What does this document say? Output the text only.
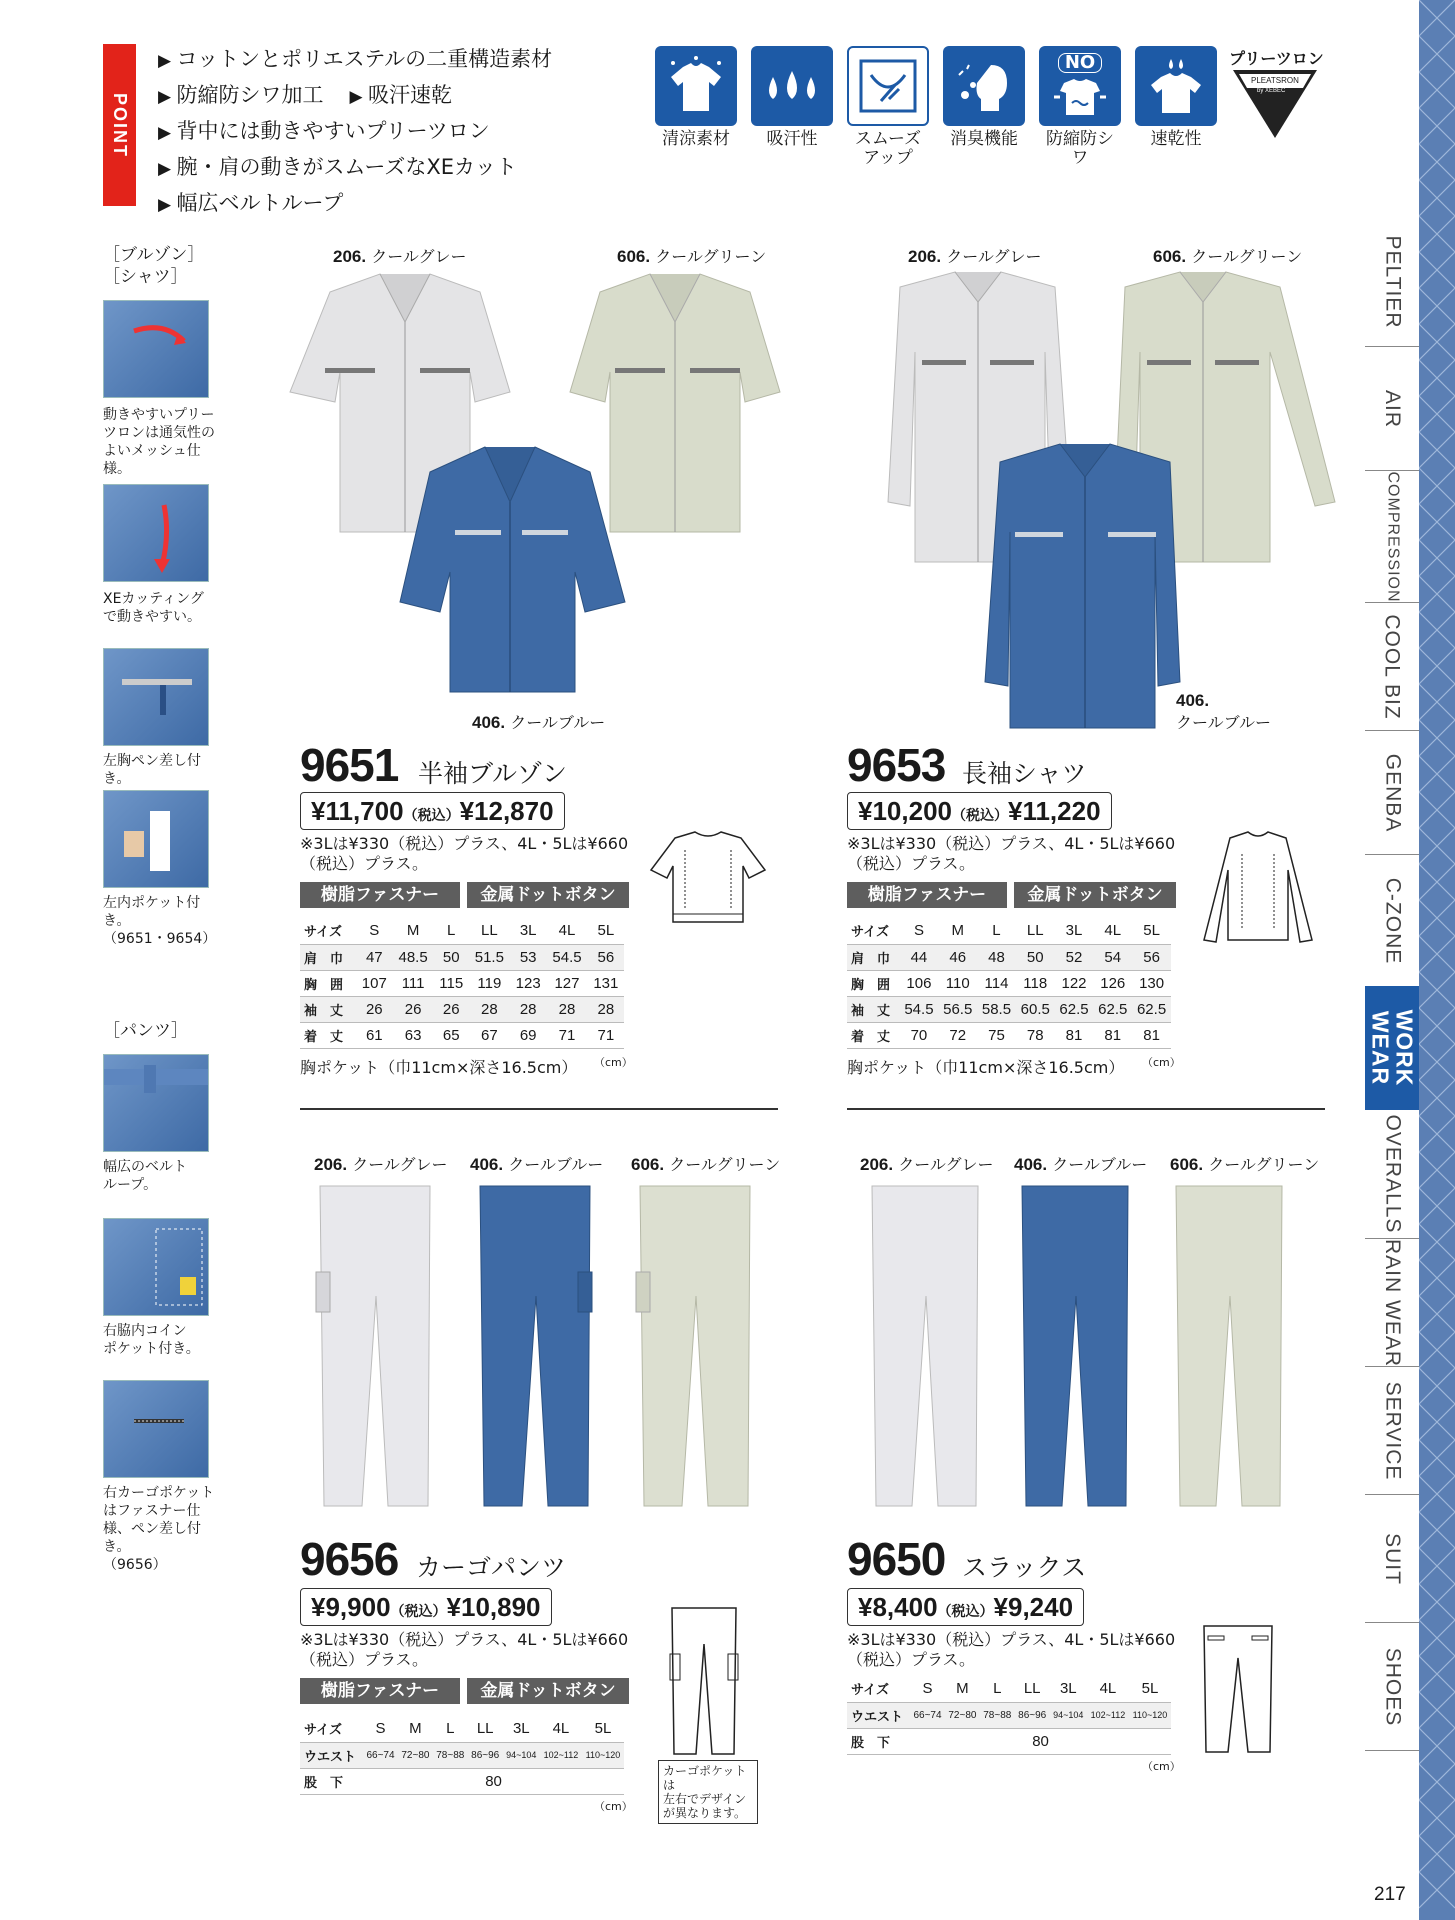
POINT
▶ コットンとポリエステルの二重構造素材
▶ 防縮防シワ加工	▶ 吸汗速乾
▶ 背中には動きやすいプリーツロン
▶ 腕・肩の動きがスムーズなXEカット
▶ 幅広ベルトループ
清涼素材	吸汗性	スムーズ
アップ
消臭機能
NO
防縮防シワ
速乾性
プリーツロン
PLEATSRON
by XEBEC
PELTIER
AIR
COMPRESSION
COOL BIZ
GENBA
C-ZONE
WORK WEAR
OVERALLS
RAIN WEAR
SERVICE
SUIT
SHOES
217
［ブルゾン］
［シャツ］
動きやすいプリー
ツロンは通気性の
よいメッシュ仕様。
XEカッティング
で動きやすい。
左胸ペン差し付き。
左内ポケット付き。
（9651・9654）
［パンツ］
幅広のベルト
ループ。
右脇内コイン
ポケット付き。
右カーゴポケット
はファスナー仕
様、ペン差し付き。
（9656）
206. クールグレー	606. クールグリーン
406. クールブルー
9651 半袖ブルゾン
¥11,700（税込）¥12,870
※3Lは¥330（税込）プラス、4L・5Lは¥660
（税込）プラス。
樹脂ファスナー	金属ドットボタン
サイズ	S	M	L	LL	3L	4L	5L
肩　巾	47	48.5	50	51.5	53	54.5	56
胸　囲	107	111	115	119	123	127	131
袖　丈	26	26	26	28	28	28	28
着　丈	61	63	65	67	69	71	71
（cm）
胸ポケット（巾11cm×深さ16.5cm）
206. クールグレー	606. クールグリーン
406.
クールブルー
9653 長袖シャツ
¥10,200（税込）¥11,220
※3Lは¥330（税込）プラス、4L・5Lは¥660
（税込）プラス。
樹脂ファスナー	金属ドットボタン
サイズ	S	M	L	LL	3L	4L	5L
肩　巾	44	46	48	50	52	54	56
胸　囲	106	110	114	118	122	126	130
袖　丈	54.5	56.5	58.5	60.5	62.5	62.5	62.5
着　丈	70	72	75	78	81	81	81
（cm）
胸ポケット（巾11cm×深さ16.5cm）
206. クールグレー 406. クールブルー 606. クールグリーン
9656 カーゴパンツ
¥9,900（税込）¥10,890
※3Lは¥330（税込）プラス、4L・5Lは¥660
（税込）プラス。
樹脂ファスナー	金属ドットボタン
サイズ	S	M	L	LL	3L	4L	5L
ウエスト	66~74	72~80	78~88	86~96	94~104	102~112	110~120
股　下	80						
（cm）
カーゴポケットは
左右でデザイン
が異なります。
206. クールグレー 406. クールブルー 606. クールグリーン
9650 スラックス
¥8,400（税込）¥9,240
※3Lは¥330（税込）プラス、4L・5Lは¥660
（税込）プラス。
サイズ	S	M	L	LL	3L	4L	5L
ウエスト	66~74	72~80	78~88	86~96	94~104	102~112	110~120
股　下	80						
（cm）
